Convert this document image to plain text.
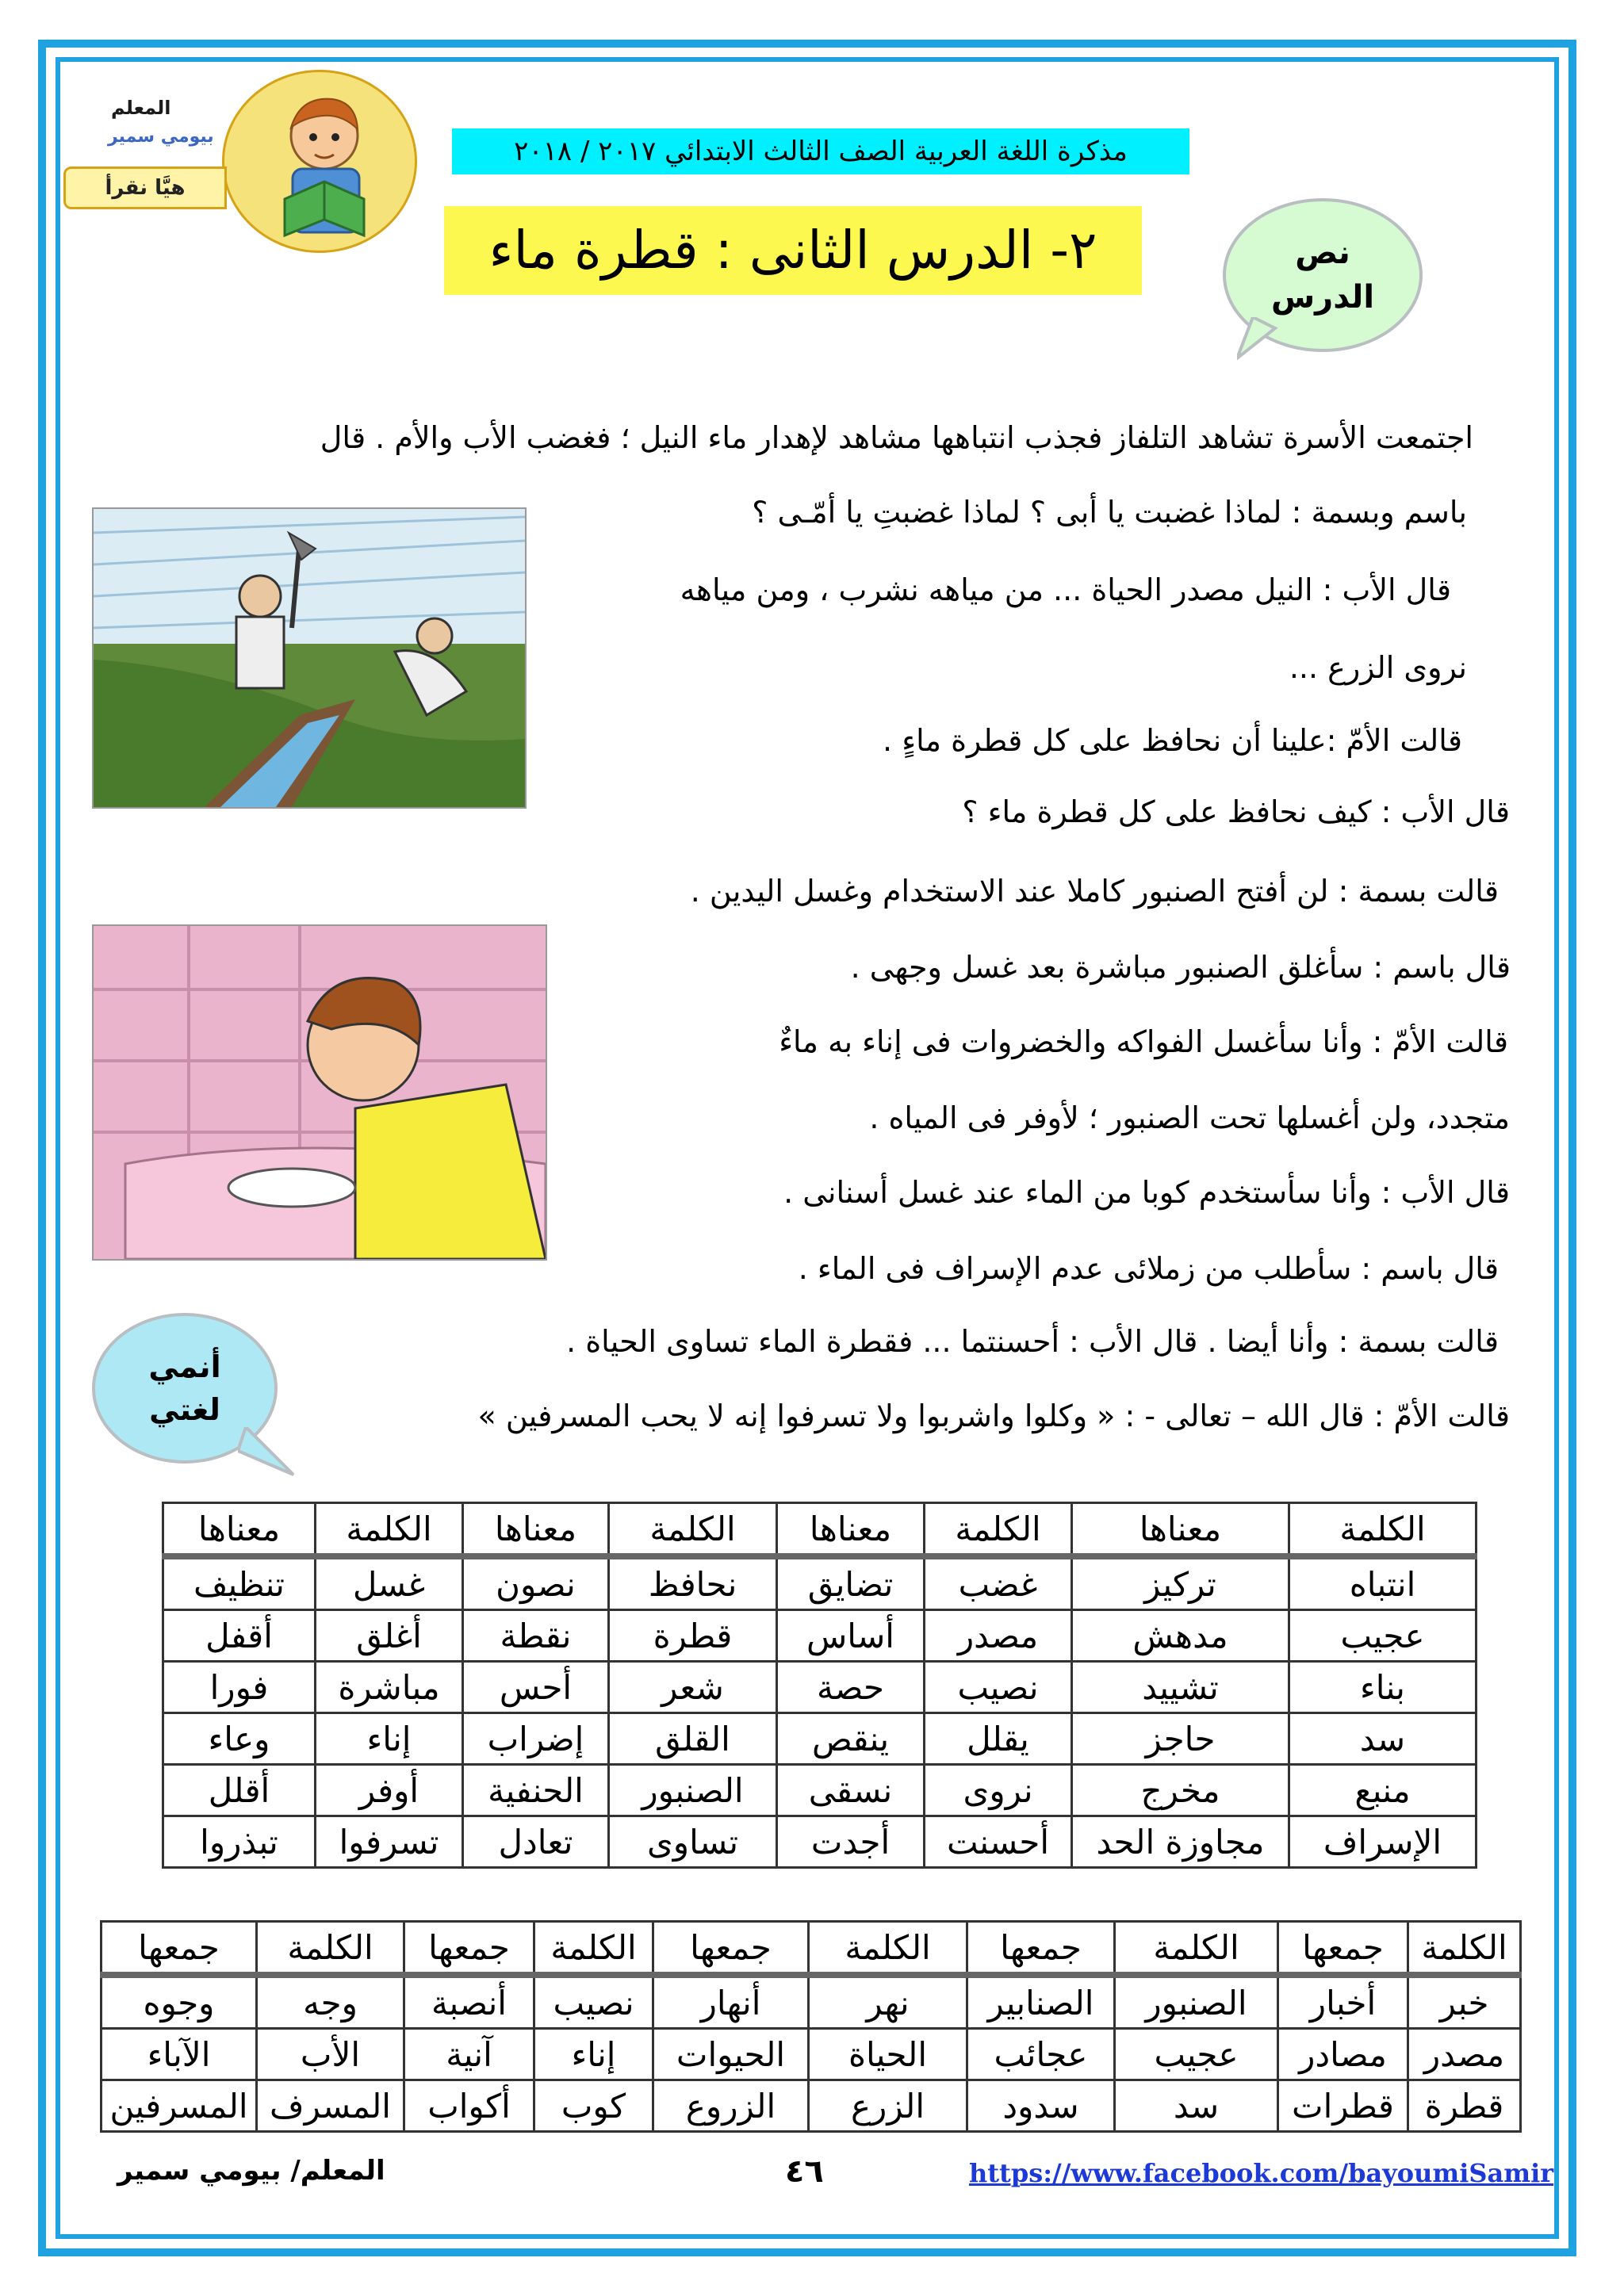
المعلم
بيومي سمير
هيَّا نقرأ
مذكرة اللغة العربية الصف الثالث الابتدائي ٢٠١٧ / ٢٠١٨
٢- الدرس الثانى : قطرة ماء	نص
الدرس
اجتمعت الأسرة تشاهد التلفاز فجذب انتباهها مشاهد لإهدار ماء النيل ؛ فغضب الأب والأم . قال
باسم وبسمة : لماذا غضبت يا أبى ؟ لماذا غضبتِ يا أمّـى ؟
قال الأب : النيل مصدر الحياة ... من مياهه نشرب ، ومن مياهه
نروى الزرع ...
قالت الأمّ :علينا أن نحافظ على كل قطرة ماءٍ .
قال الأب : كيف نحافظ على كل قطرة ماء ؟
قالت بسمة : لن أفتح الصنبور كاملا عند الاستخدام وغسل اليدين .
قال باسم : سأغلق الصنبور مباشرة بعد غسل وجهى .
قالت الأمّ : وأنا سأغسل الفواكه والخضروات فى إناء به ماءٌ
متجدد، ولن أغسلها تحت الصنبور ؛ لأوفر فى المياه .
قال الأب : وأنا سأستخدم كوبا من الماء عند غسل أسنانى .
قال باسم : سأطلب من زملائى عدم الإسراف فى الماء .
قالت بسمة : وأنا أيضا . قال الأب : أحسنتما ... فقطرة الماء تساوى الحياة .
قالت الأمّ : قال الله – تعالى - : « وكلوا واشربوا ولا تسرفوا إنه لا يحب المسرفين »
أنمي
لغتي
الكلمة	معناها	الكلمة	معناها	الكلمة	معناها	الكلمة	معناها
انتباه	تركيز	غضب	تضايق	نحافظ	نصون	غسل	تنظيف
عجيب	مدهش	مصدر	أساس	قطرة	نقطة	أغلق	أقفل
بناء	تشييد	نصيب	حصة	شعر	أحس	مباشرة	فورا
سد	حاجز	يقلل	ينقص	القلق	إضراب	إناء	وعاء
منبع	مخرج	نروى	نسقى	الصنبور	الحنفية	أوفر	أقلل
الإسراف	مجاوزة الحد	أحسنت	أجدت	تساوى	تعادل	تسرفوا	تبذروا
الكلمة	جمعها	الكلمة	جمعها	الكلمة	جمعها	الكلمة	جمعها	الكلمة	جمعها
خبر	أخبار	الصنبور	الصنابير	نهر	أنهار	نصيب	أنصبة	وجه	وجوه
مصدر	مصادر	عجيب	عجائب	الحياة	الحيوات	إناء	آنية	الأب	الآباء
قطرة	قطرات	سد	سدود	الزرع	الزروع	كوب	أكواب	المسرف	المسرفين
المعلم/ بيومي سمير	٤٦	https://www.facebook.com/bayoumiSamir
